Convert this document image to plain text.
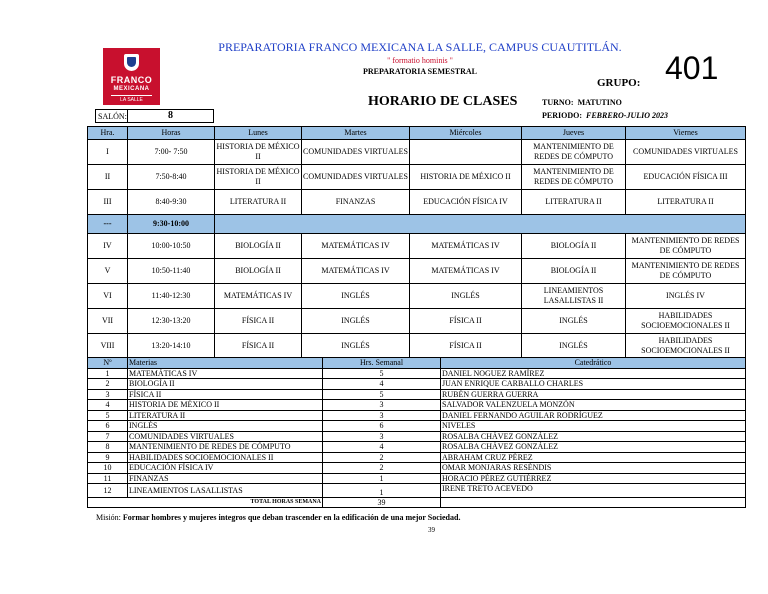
FRANCO
MEXICANA
LA SALLE
PREPARATORIA FRANCO MEXICANA LA SALLE, CAMPUS CUAUTITLÁN.
" formatio hominis "
PREPARATORIA SEMESTRAL
GRUPO: 401
HORARIO DE CLASES	TURNO: MATUTINO
PERIODO: FEBRERO-JULIO 2023
SALÓN:	8
Hra.	Horas	Lunes	Martes	Miércoles	Jueves	Viernes
I	7:00- 7:50	HISTORIA DE MÉXICO II	COMUNIDADES VIRTUALES		MANTENIMIENTO DE REDES DE CÓMPUTO	COMUNIDADES VIRTUALES
II	7:50-8:40	HISTORIA DE MÉXICO II	COMUNIDADES VIRTUALES	HISTORIA DE MÉXICO II	MANTENIMIENTO DE REDES DE CÓMPUTO	EDUCACIÓN FÍSICA III
III	8:40-9:30	LITERATURA II	FINANZAS	EDUCACIÓN FÍSICA IV	LITERATURA II	LITERATURA II
---	9:30-10:00					
IV	10:00-10:50	BIOLOGÍA II	MATEMÁTICAS IV	MATEMÁTICAS IV	BIOLOGÍA II	MANTENIMIENTO DE REDES DE CÓMPUTO
V	10:50-11:40	BIOLOGÍA II	MATEMÁTICAS IV	MATEMÁTICAS IV	BIOLOGÍA II	MANTENIMIENTO DE REDES DE CÓMPUTO
VI	11:40-12:30	MATEMÁTICAS IV	INGLÉS	INGLÉS	LINEAMIENTOS LASALLISTAS II	INGLÉS IV
VII	12:30-13:20	FÍSICA II	INGLÉS	FÍSICA II	INGLÉS	HABILIDADES SOCIOEMOCIONALES II
VIII	13:20-14:10	FÍSICA II	INGLÉS	FÍSICA II	INGLÉS	HABILIDADES SOCIOEMOCIONALES II
Nº	Materias	Hrs. Semanal	Catedrático
1	MATEMÁTICAS IV	5	DANIEL NOGUEZ RAMÍREZ
2	BIOLOGÍA II	4	JUAN ENRIQUE CARBALLO CHARLES
3	FÍSICA II	5	RUBÉN GUERRA GUERRA
4	HISTORIA DE MÉXICO II	3	SALVADOR VALENZUELA MONZÓN
5	LITERATURA II	3	DANIEL FERNANDO AGUILAR RODRÍGUEZ
6	INGLÉS	6	NIVELES
7	COMUNIDADES VIRTUALES	3	ROSALBA CHÁVEZ GONZÁLEZ
8	MANTENIMIENTO DE REDES DE CÓMPUTO	4	ROSALBA CHÁVEZ GONZÁLEZ
9	HABILIDADES SOCIOEMOCIONALES II	2	ABRAHAM CRUZ PÉREZ
10	EDUCACIÓN FÍSICA IV	2	OMAR MONJARAS RESÉNDIS
11	FINANZAS	1	HORACIO PÉREZ GUTIÉRREZ
12	LINEAMIENTOS LASALLISTAS	1	IRENE TRETO ACEVEDO
	TOTAL HORAS SEMANA	39	
Misión: Formar hombres y mujeres integros que deban trascender en la edificación de una mejor Sociedad.
39
